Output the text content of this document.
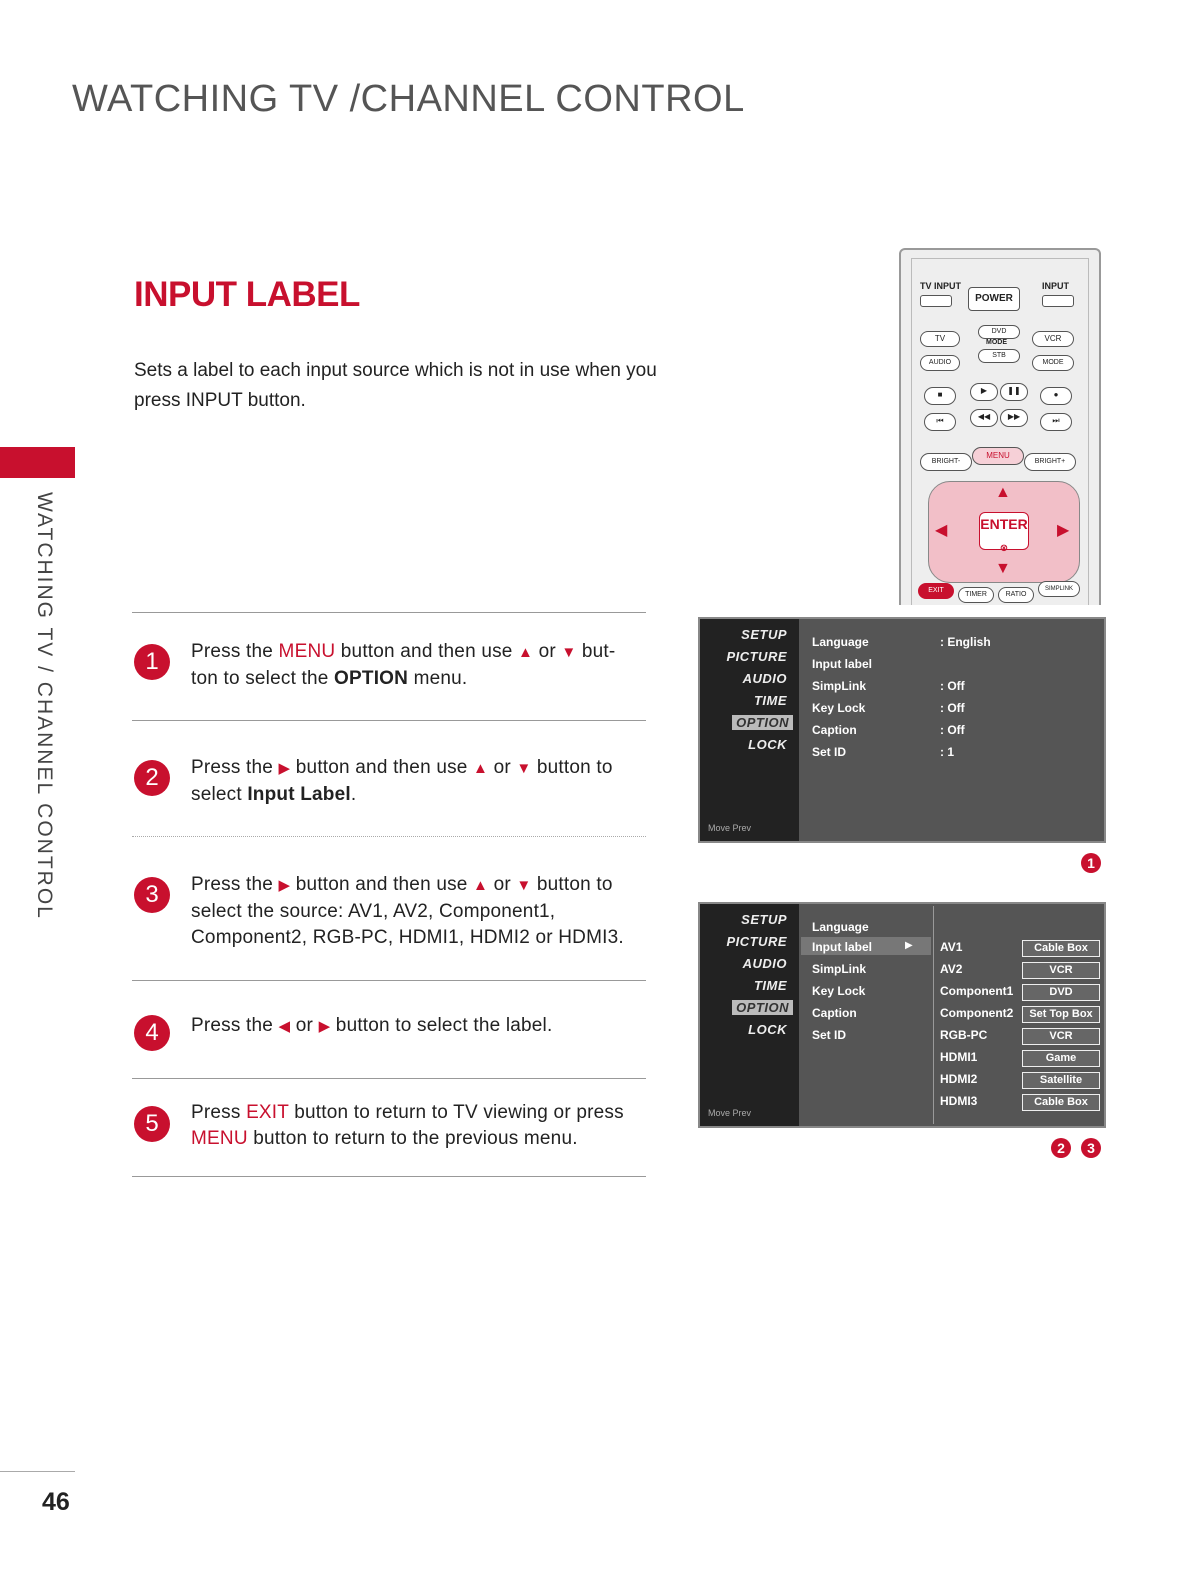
WATCHING TV /CHANNEL CONTROL
WATCHING TV / CHANNEL CONTROL
INPUT LABEL
Sets a label to each input source which is not in use when you
press INPUT button.
1	Press the MENU button and then use ▲ or ▼ but-
ton to select the OPTION menu.
2	Press the ▶ button and then use ▲ or ▼ button to
select Input Label.
3	Press the ▶ button and then use ▲ or ▼ button to
select the source: AV1, AV2, Component1,
Component2, RGB-PC, HDMI1, HDMI2 or HDMI3.
4	Press the ◀ or ▶ button to select the label.
5	Press EXIT button to return to TV viewing or press
MENU button to return to the previous menu.
TV INPUT
POWER
INPUT
TV
DVD
MODE	VCR
AUDIO
STB
MODE
■	▶	❚❚	●
⏮	◀◀	▶▶	⏭
BRIGHT-
MENU
BRIGHT+
▲
▼
◀	▶
ENTER
⊗
EXIT
TIMER	RATIO
SIMPLINK
SETUP
PICTURE
AUDIO
TIME
OPTION
LOCK
Move Prev
Language	: English
Input label
SimpLink	: Off
Key Lock	: Off
Caption	: Off
Set ID	: 1
1
SETUP
PICTURE
AUDIO
TIME
OPTION
LOCK
Move Prev
Language
Input label	▶
SimpLink
Key Lock
Caption
Set ID
AV1	Cable Box
AV2	VCR
Component1	DVD
Component2	Set Top Box
RGB-PC	VCR
HDMI1	Game
HDMI2	Satellite
HDMI3	Cable Box
2	3
46
